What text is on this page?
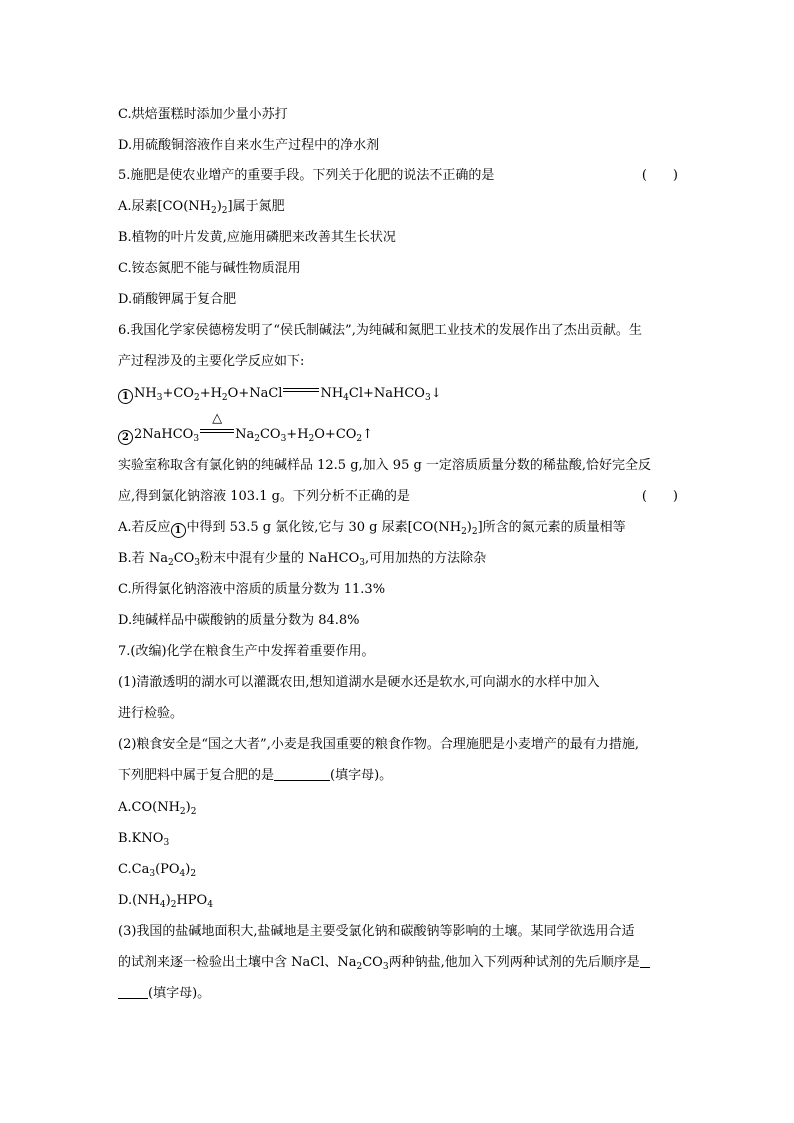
C.烘焙蛋糕时添加少量小苏打
D.用硫酸铜溶液作自来水生产过程中的净水剂
5.施肥是使农业增产的重要手段。下列关于化肥的说法不正确的是	(　　)
A.尿素$[CO(NH_2)_2]$属于氮肥
B.植物的叶片发黄,应施用磷肥来改善其生长状况
C.铵态氮肥不能与碱性物质混用
D.硝酸钾属于复合肥
6.我国化学家侯德榜发明了“侯氏制碱法”,为纯碱和氮肥工业技术的发展作出了杰出贡献。生
产过程涉及的主要化学反应如下:
1 $NH_3+CO_2+H_2O+NaCl$	$NH_4Cl+NaHCO_3↓$
2 2NaHCO$_3$
△
$Na_2CO_3+H_2O+CO_2↑$
实验室称取含有氯化钠的纯碱样品 12.5 g,加入 95 g 一定溶质质量分数的稀盐酸,恰好完全反
应,得到氯化钠溶液 103.1 g。下列分析不正确的是	(　　)
A.若反应 1 中得到 53.5 g 氯化铵,它与 30 g 尿素$[CO(NH_2)_2]$所含的氮元素的质量相等
B.若 $Na_2CO_3$粉末中混有少量的 NaHCO$_3$,可用加热的方法除杂
C.所得氯化钠溶液中溶质的质量分数为 11.3%
D.纯碱样品中碳酸钠的质量分数为 84.8%
7.(改编)化学在粮食生产中发挥着重要作用。
(1)清澈透明的湖水可以灌溉农田,想知道湖水是硬水还是软水,可向湖水的水样中加入
进行检验。
(2)粮食安全是“国之大者”,小麦是我国重要的粮食作物。合理施肥是小麦增产的最有力措施,
下列肥料中属于复合肥的是	(填字母)。
$A.CO(NH_2)_2$
$B.KNO_3$
$C.Ca_3(PO_4)_2$
$D.(NH_4)_2HPO_4$
(3)我国的盐碱地面积大,盐碱地是主要受氯化钠和碳酸钠等影响的土壤。某同学欲选用合适
的试剂来逐一检验出土壤中含 NaCl、$Na_2CO_3$两种钠盐,他加入下列两种试剂的先后顺序是
(填字母)。
